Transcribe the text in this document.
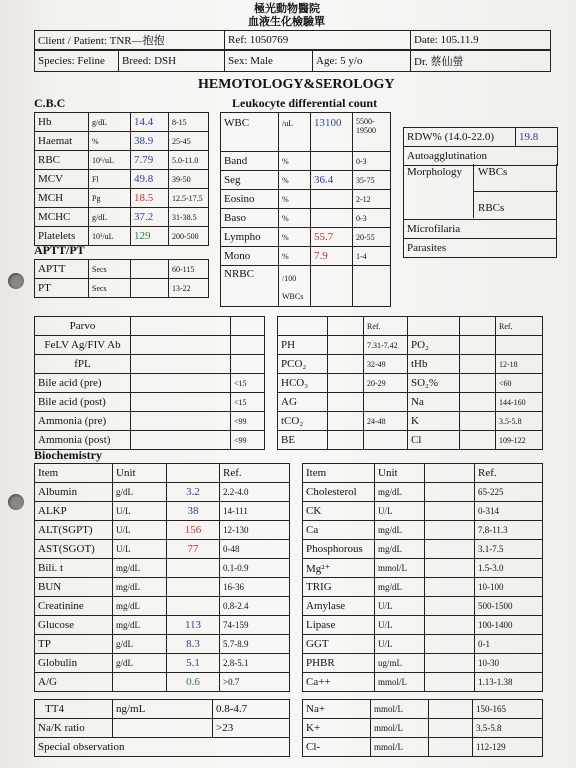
極光動物醫院
血液生化檢驗單
Client / Patient: TNR—抱抱	Ref: 1050769	Date: 105.11.9
Species: Feline	Breed: DSH	Sex: Male	Age: 5 y/o	Dr. 蔡仙螢
HEMOTOLOGY&SEROLOGY
C.B.C
Hb	g/dL	14.4	8-15
Haemat	%	38.9	25-45
RBC	10⁶/uL	7.79	5.0-11.0
MCV	Fl	49.8	39-50
MCH	Pg	18.5	12.5-17.5
MCHC	g/dL	37.2	31-38.5
Platelets	10³/uL	129	200-500
APTT/PT
APTT	Secs		60-115
PT	Secs		13-22
Leukocyte differential count
WBC	/uL	13100	5500-19500
Band	%		0-3
Seg	%	36.4	35-75
Eosino	%		2-12
Baso	%		0-3
Lympho	%	55.7	20-55
Mono	%	7.9	1-4
NRBC	/100
WBCs		
RDW% (14.0-22.0)	19.8
Autoagglutination
Morphology WBCs
RBCs
Microfilaria
Parasites
Parvo		
FeLV Ag/FIV Ab		
fPL		
Bile acid (pre)		<15
Bile acid (post)		<15
Ammonia (pre)		<99
Ammonia (post)		<99
		Ref.			Ref.
PH		7.31-7.42	PO₂		
PCO₂		32-49	tHb		12-18
HCO₃		20-29	SO₂%		<60
AG			Na		144-160
tCO₂		24-48	K		3.5-5.8
BE			Cl		109-122
Biochemistry
Item	Unit		Ref.
Albumin	g/dL	3.2	2.2-4.0
ALKP	U/L	38	14-111
ALT(SGPT)	U/L	156	12-130
AST(SGOT)	U/L	77	0-48
Bili. t	mg/dL		0.1-0.9
BUN	mg/dL		16-36
Creatinine	mg/dL		0.8-2.4
Glucose	mg/dL	113	74-159
TP	g/dL	8.3	5.7-8.9
Globulin	g/dL	5.1	2.8-5.1
A/G		0.6	>0.7
Item	Unit		Ref.
Cholesterol	mg/dL		65-225
CK	U/L		0-314
Ca	mg/dL		7.8-11.3
Phosphorous	mg/dL		3.1-7.5
Mg²⁺	mmol/L		1.5-3.0
TRIG	mg/dL		10-100
Amylase	U/L		500-1500
Lipase	U/L		100-1400
GGT	U/L		0-1
PHBR	ug/mL		10-30
Ca++	mmol/L		1.13-1.38
TT4	ng/mL	0.8-4.7
Na/K ratio		>23
Special observation		
Na+	mmol/L		150-165
K+	mmol/L		3.5-5.8
Cl-	mmol/L		112-129
